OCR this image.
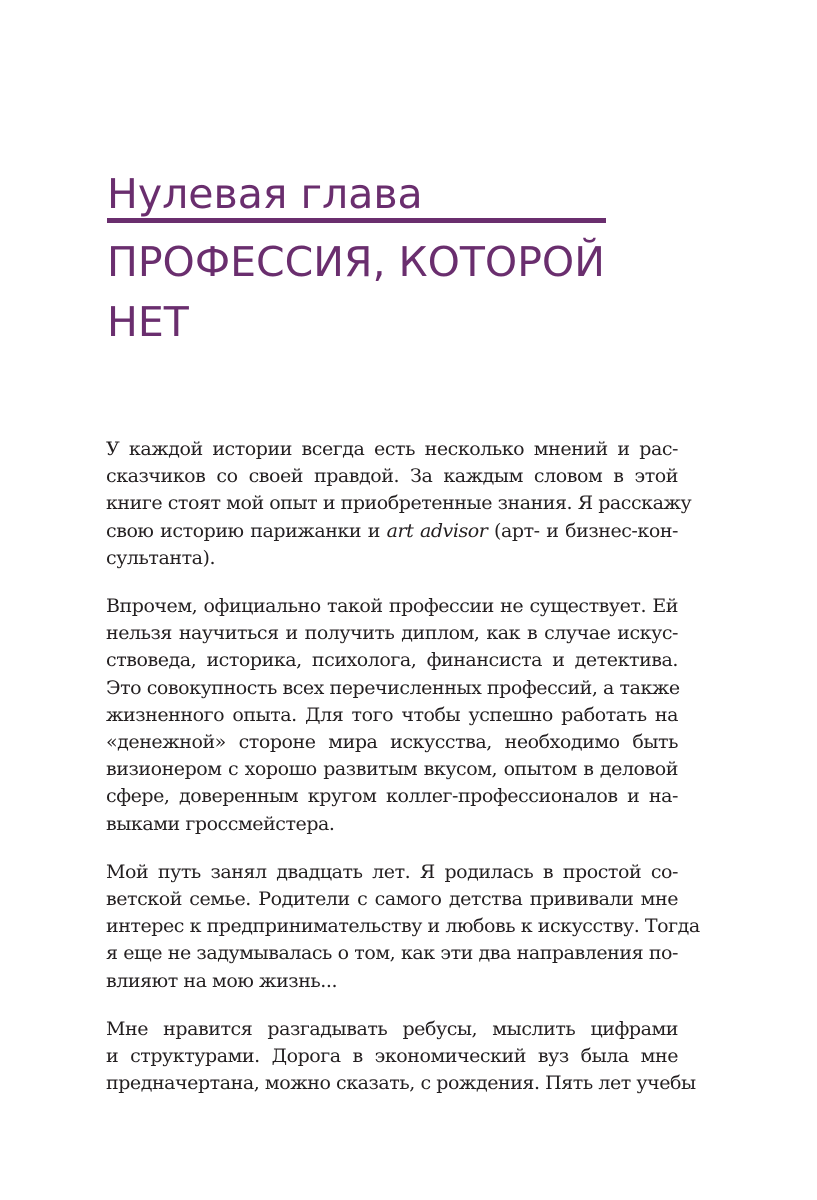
Нулевая глава
ПРОФЕССИЯ, КОТОРОЙ
НЕТ

У каждой истории всегда есть несколько мнений и рас-
сказчиков со своей правдой. За каждым словом в этой
книге стоят мой опыт и приобретенные знания. Я расскажу
свою историю парижанки и art advisor (арт- и бизнес-кон-
сультанта).

Впрочем, официально такой профессии не существует. Ей
нельзя научиться и получить диплом, как в случае искус-
ствоведа, историка, психолога, финансиста и детектива.
Это совокупность всех перечисленных профессий, а также
жизненного опыта. Для того чтобы успешно работать на
«денежной» стороне мира искусства, необходимо быть
визионером с хорошо развитым вкусом, опытом в деловой
сфере, доверенным кругом коллег-профессионалов и на-
выками гроссмейстера.

Мой путь занял двадцать лет. Я родилась в простой со-
ветской семье. Родители с самого детства прививали мне
интерес к предпринимательству и любовь к искусству. Тогда
я еще не задумывалась о том, как эти два направления по-
влияют на мою жизнь...

Мне нравится разгадывать ребусы, мыслить цифрами
и структурами. Дорога в экономический вуз была мне
предначертана, можно сказать, с рождения. Пять лет учебы
